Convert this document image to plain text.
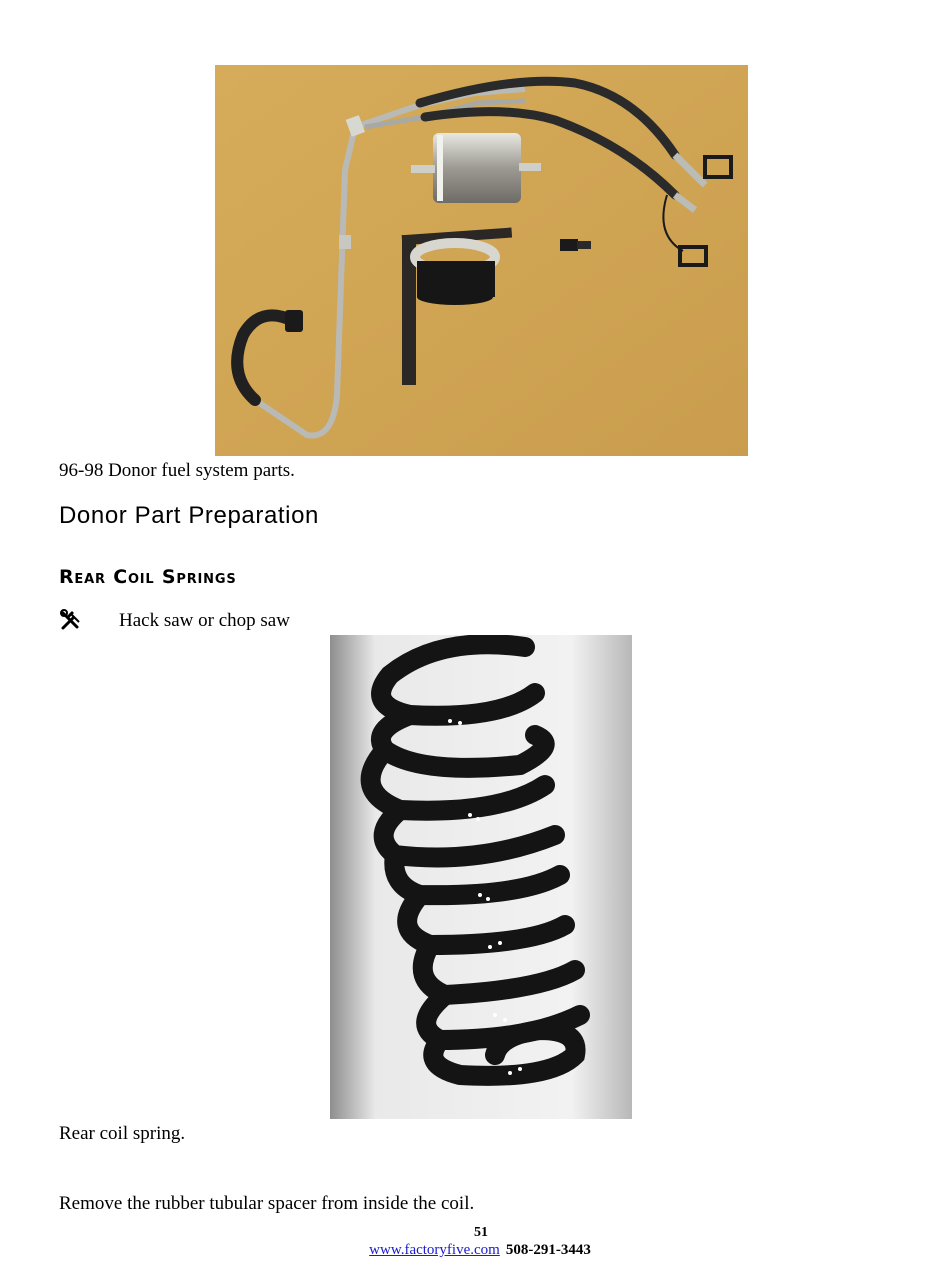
96-98 Donor fuel system parts.
Donor Part Preparation
Rear Coil Springs
Hack saw or chop saw
Rear coil spring.
Remove the rubber tubular spacer from inside the coil.
51
www.factoryfive.com 508-291-3443
